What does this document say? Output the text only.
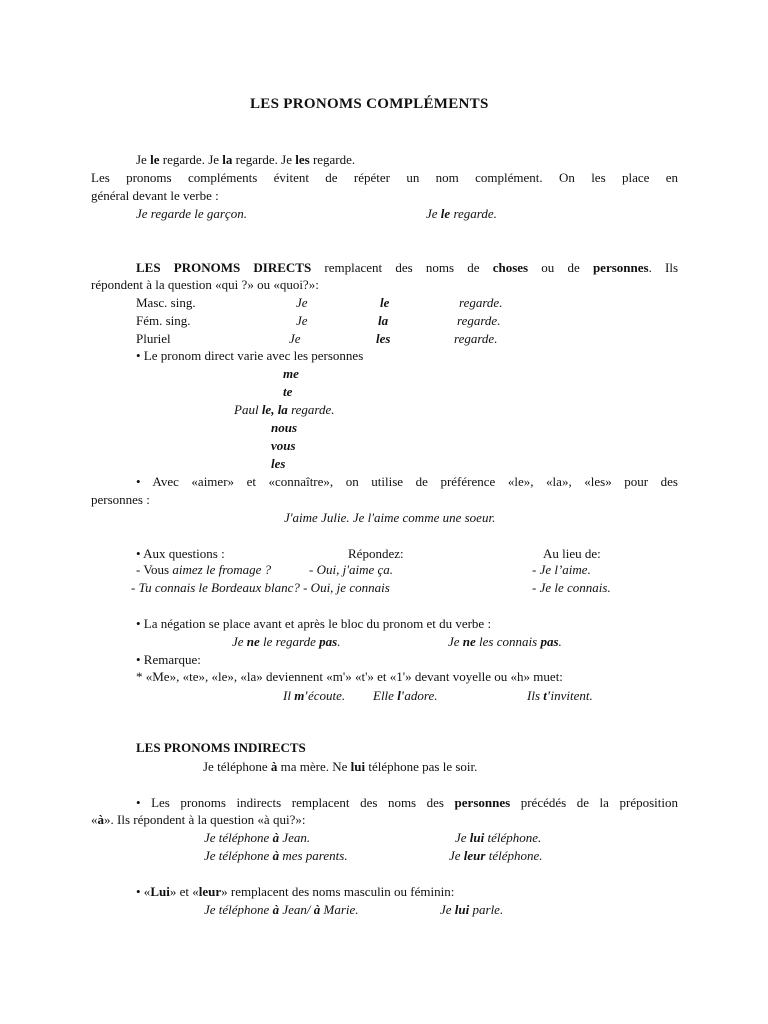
LES PRONOMS COMPLÉMENTS
Je le regarde. Je la regarde. Je les regarde.
Les pronoms compléments évitent de répéter un nom complément. On les place en
général devant le verbe :
Je regarde le garçon.	Je le regarde.
LES PRONOMS DIRECTS remplacent des noms de choses ou de personnes. Ils
répondent à la question «qui ?» ou «quoi?»:
Masc. sing.	Je	le	regarde.
Fém. sing.	Je	la	regarde.
Pluriel	Je	les	regarde.
• Le pronom direct varie avec les personnes
me
te
Paul le, la regarde.
nous
vous
les
• Avec «aimer» et «connaître», on utilise de préférence «le», «la», «les» pour des
personnes :
J'aime Julie. Je l'aime comme une soeur.
• Aux questions :	Répondez:	Au lieu de:
- Vous aimez le fromage ?	- Oui, j'aime ça.	- Je l’aime.
- Tu connais le Bordeaux blanc? - Oui, je connais	- Je le connais.
• La négation se place avant et après le bloc du pronom et du verbe :
Je ne le regarde pas.	Je ne les connais pas.
• Remarque:
* «Me», «te», «le», «la» deviennent «m'» «t'» et «1'» devant voyelle ou «h» muet:
Il m'écoute. Elle l'adore.	Ils t'invitent.
LES PRONOMS INDIRECTS
Je téléphone à ma mère. Ne lui téléphone pas le soir.
• Les pronoms indirects remplacent des noms des personnes précédés de la préposition
«à». Ils répondent à la question «à qui?»:
Je téléphone à Jean.	Je lui téléphone.
Je téléphone à mes parents.	Je leur téléphone.
• «Lui» et «leur» remplacent des noms masculin ou féminin:
Je téléphone à Jean/ à Marie.	Je lui parle.
